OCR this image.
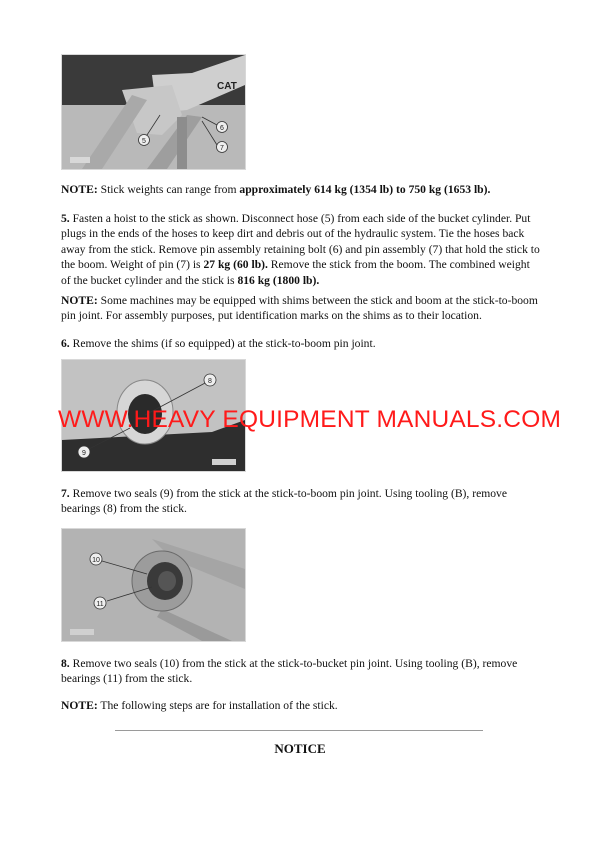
CAT
5
6
7
NOTE: Stick weights can range from approximately 614 kg (1354 lb) to 750 kg (1653 lb).
5. Fasten a hoist to the stick as shown. Disconnect hose (5) from each side of the bucket cylinder. Put plugs in the ends of the hoses to keep dirt and debris out of the hydraulic system. Tie the hoses back away from the stick. Remove pin assembly retaining bolt (6) and pin assembly (7) that hold the stick to the boom. Weight of pin (7) is 27 kg (60 lb). Remove the stick from the boom. The combined weight of the bucket cylinder and the stick is 816 kg (1800 lb).
NOTE: Some machines may be equipped with shims between the stick and boom at the stick-to-boom pin joint. For assembly purposes, put identification marks on the shims as to their location.
6. Remove the shims (if so equipped) at the stick-to-boom pin joint.
8
9
WWW.HEAVY EQUIPMENT MANUALS.COM
7. Remove two seals (9) from the stick at the stick-to-boom pin joint. Using tooling (B), remove bearings (8) from the stick.
10
11
8. Remove two seals (10) from the stick at the stick-to-bucket pin joint. Using tooling (B), remove bearings (11) from the stick.
NOTE: The following steps are for installation of the stick.
NOTICE
